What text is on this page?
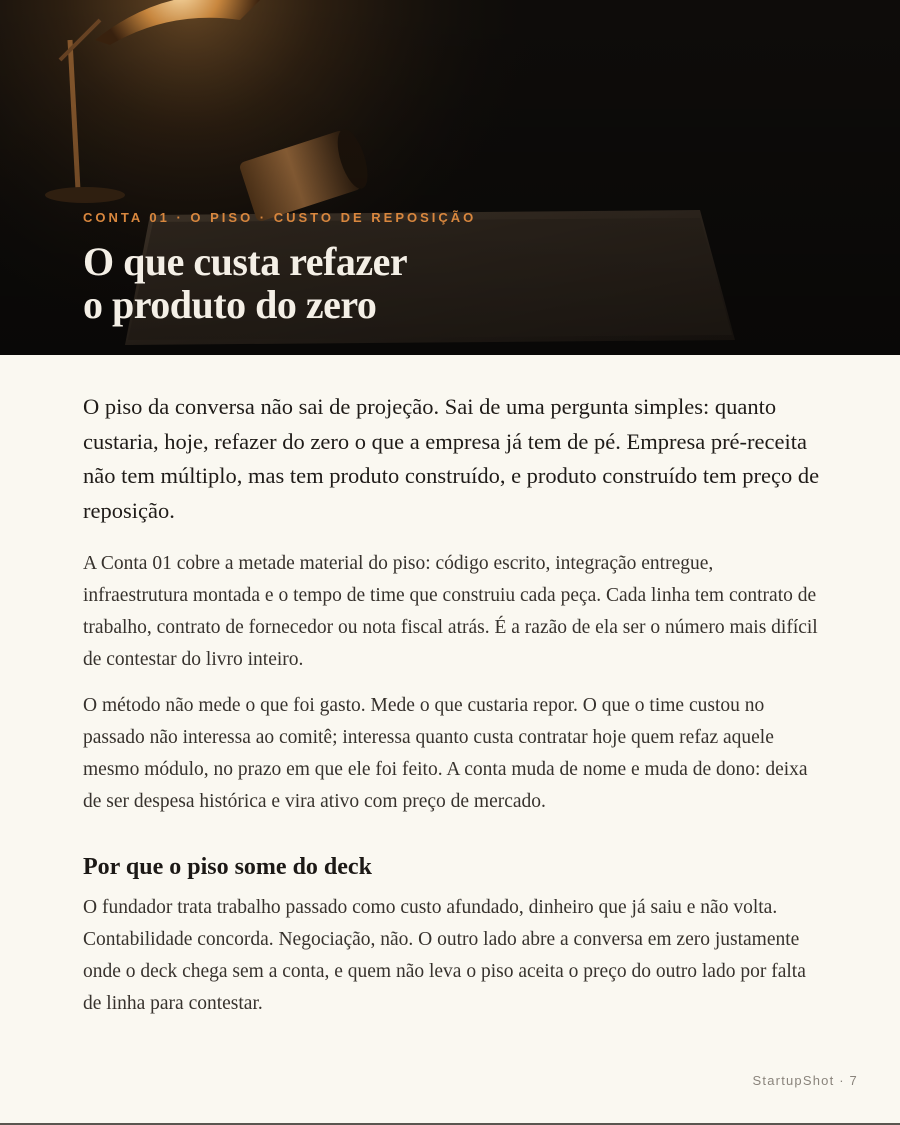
CONTA 01 · O PISO · CUSTO DE REPOSIÇÃO
O que custa refazer
o produto do zero

O piso da conversa não sai de projeção. Sai de uma pergunta simples: quanto custaria, hoje, refazer do zero o que a empresa já tem de pé. Empresa pré-receita não tem múltiplo, mas tem produto construído, e produto construído tem preço de reposição.

A Conta 01 cobre a metade material do piso: código escrito, integração entregue, infraestrutura montada e o tempo de time que construiu cada peça. Cada linha tem contrato de trabalho, contrato de fornecedor ou nota fiscal atrás. É a razão de ela ser o número mais difícil de contestar do livro inteiro.

O método não mede o que foi gasto. Mede o que custaria repor. O que o time custou no passado não interessa ao comitê; interessa quanto custa contratar hoje quem refaz aquele mesmo módulo, no prazo em que ele foi feito. A conta muda de nome e muda de dono: deixa de ser despesa histórica e vira ativo com preço de mercado.

Por que o piso some do deck

O fundador trata trabalho passado como custo afundado, dinheiro que já saiu e não volta. Contabilidade concorda. Negociação, não. O outro lado abre a conversa em zero justamente onde o deck chega sem a conta, e quem não leva o piso aceita o preço do outro lado por falta de linha para contestar.

StartupShot · 7
